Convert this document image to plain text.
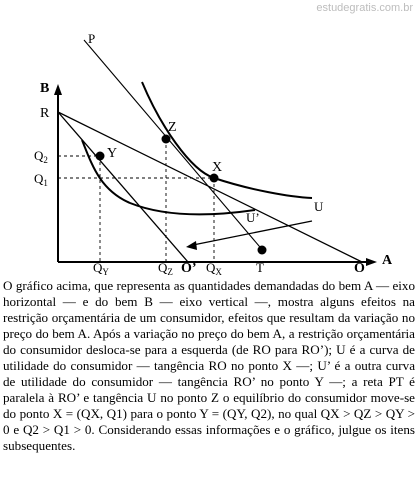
estudegratis.com.br
P
B
R
Z
Y
X
U’
U
O
A
T
O’
$Q_2$
$Q_1$
$Q_Y$	$Q_Z$	$Q_X$
O gráfico acima, que representa as quantidades demandadas do bem A — eixo horizontal — e do bem B — eixo vertical —, mostra alguns efeitos na restrição orçamentária de um consumidor, efeitos que resultam da variação no preço do bem A. Após a variação no preço do bem A, a restrição orçamentária do consumidor desloca-se para a esquerda (de RO para RO’); U é a curva de utilidade do consumidor — tangência RO no ponto X —; U’ é a outra curva de utilidade do consumidor — tangência RO’ no ponto Y —; a reta PT é paralela à RO’ e tangência U no ponto Z o equilíbrio do consumidor move-se do ponto X = (QX, Q1) para o ponto Y = (QY, Q2), no qual QX > QZ > QY > 0 e Q2 > Q1 > 0. Considerando essas informações e o gráfico, julgue os itens subsequentes.
